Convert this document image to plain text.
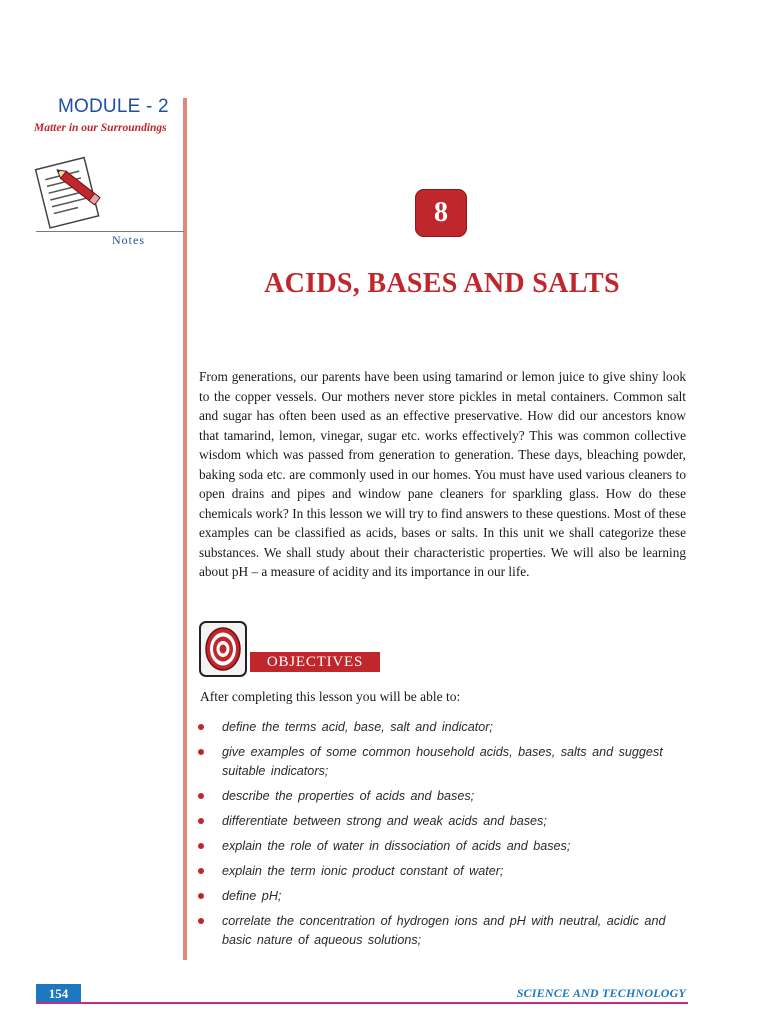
MODULE - 2
Matter in our Surroundings
Notes
8
ACIDS, BASES AND SALTS
From generations, our parents have been using tamarind or lemon juice to give shiny look to the copper vessels. Our mothers never store pickles in metal containers. Common salt and sugar has often been used as an effective preservative. How did our ancestors know that tamarind, lemon, vinegar, sugar etc. works effectively? This was common collective wisdom which was passed from generation to generation. These days, bleaching powder, baking soda etc. are commonly used in our homes. You must have used various cleaners to open drains and pipes and window pane cleaners for sparkling glass. How do these chemicals work? In this lesson we will try to find answers to these questions. Most of these examples can be classified as acids, bases or salts. In this unit we shall categorize these substances. We shall study about their characteristic properties. We will also be learning about pH – a measure of acidity and its importance in our life.
OBJECTIVES
After completing this lesson you will be able to:
define the terms acid, base, salt and indicator;
give examples of some common household acids, bases, salts and suggest suitable indicators;
describe the properties of acids and bases;
differentiate between strong and weak acids and bases;
explain the role of water in dissociation of acids and bases;
explain the term ionic product constant of water;
define pH;
correlate the concentration of hydrogen ions and pH with neutral, acidic and basic nature of aqueous solutions;
154	SCIENCE AND TECHNOLOGY
